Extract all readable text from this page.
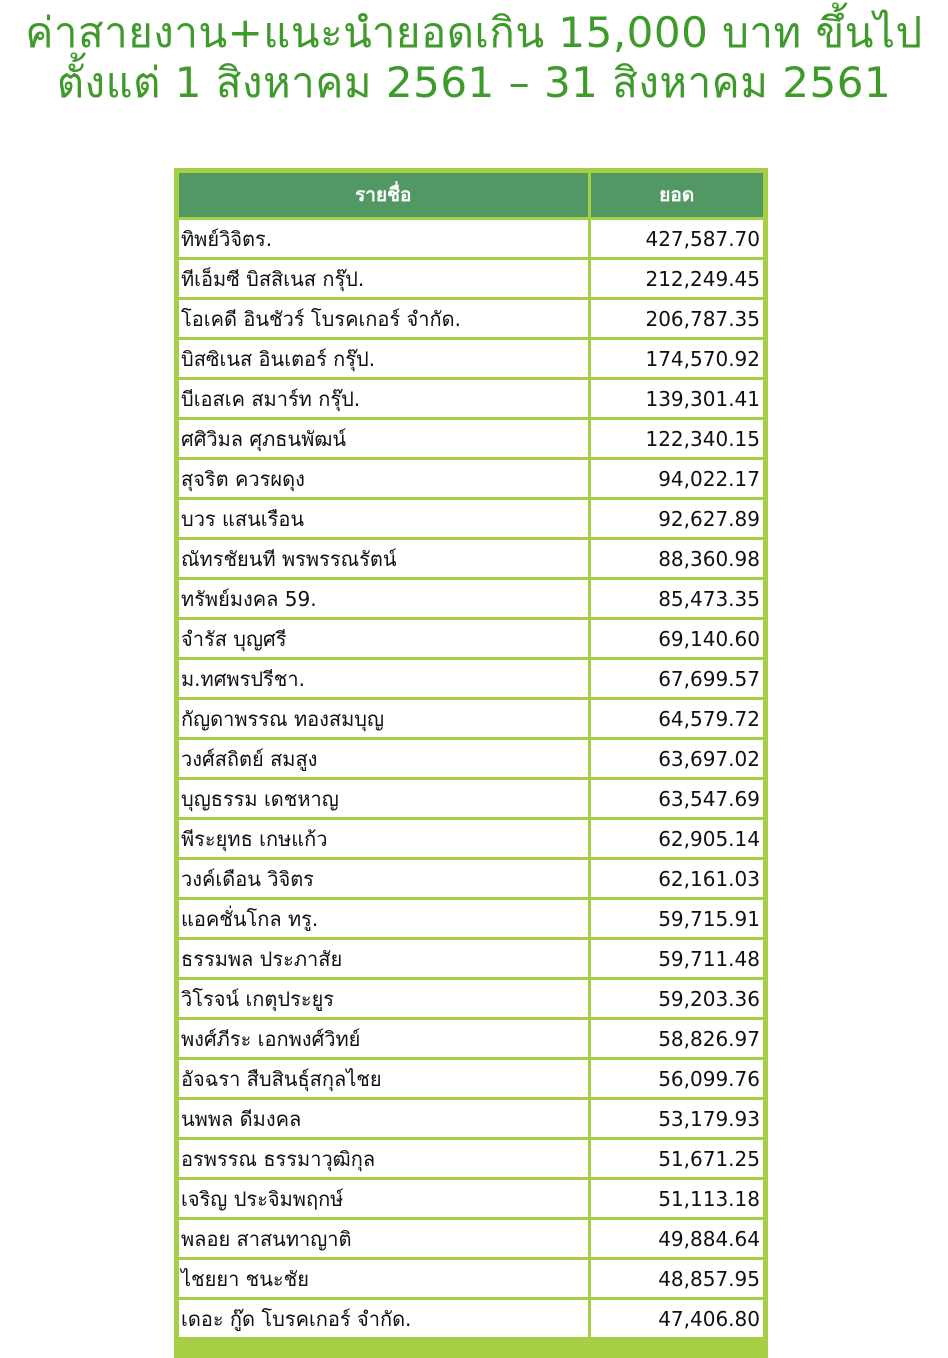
ค่าสายงาน+แนะนำยอดเกิน 15,000 บาท ขึ้นไป
ตั้งแต่ 1 สิงหาคม 2561 – 31 สิงหาคม 2561
รายชื่อ	ยอด
ทิพย์วิจิตร.	427,587.70
ทีเอ็มซี บิสสิเนส กรุ๊ป.	212,249.45
โอเคดี อินชัวร์ โบรคเกอร์ จำกัด.	206,787.35
บิสซิเนส อินเตอร์ กรุ๊ป.	174,570.92
บีเอสเค สมาร์ท กรุ๊ป.	139,301.41
ศศิวิมล ศุภธนพัฒน์	122,340.15
สุจริต ควรผดุง	94,022.17
บวร แสนเรือน	92,627.89
ณัทรชัยนที พรพรรณรัตน์	88,360.98
ทรัพย์มงคล 59.	85,473.35
จำรัส บุญศรี	69,140.60
ม.ทศพรปรีชา.	67,699.57
กัญดาพรรณ ทองสมบุญ	64,579.72
วงศ์สถิตย์ สมสูง	63,697.02
บุญธรรม เดชหาญ	63,547.69
พีระยุทธ เกษแก้ว	62,905.14
วงค์เดือน วิจิตร	62,161.03
แอคชั่นโกล ทรู.	59,715.91
ธรรมพล ประภาสัย	59,711.48
วิโรจน์ เกตุประยูร	59,203.36
พงศ์ภีระ เอกพงศ์วิทย์	58,826.97
อัจฉรา สืบสินธุ์สกุลไชย	56,099.76
นพพล ดีมงคล	53,179.93
อรพรรณ ธรรมาวุฒิกุล	51,671.25
เจริญ ประจิมพฤกษ์	51,113.18
พลอย สาสนทาญาติ	49,884.64
ไชยยา ชนะชัย	48,857.95
เดอะ กู๊ด โบรคเกอร์ จำกัด.	47,406.80
